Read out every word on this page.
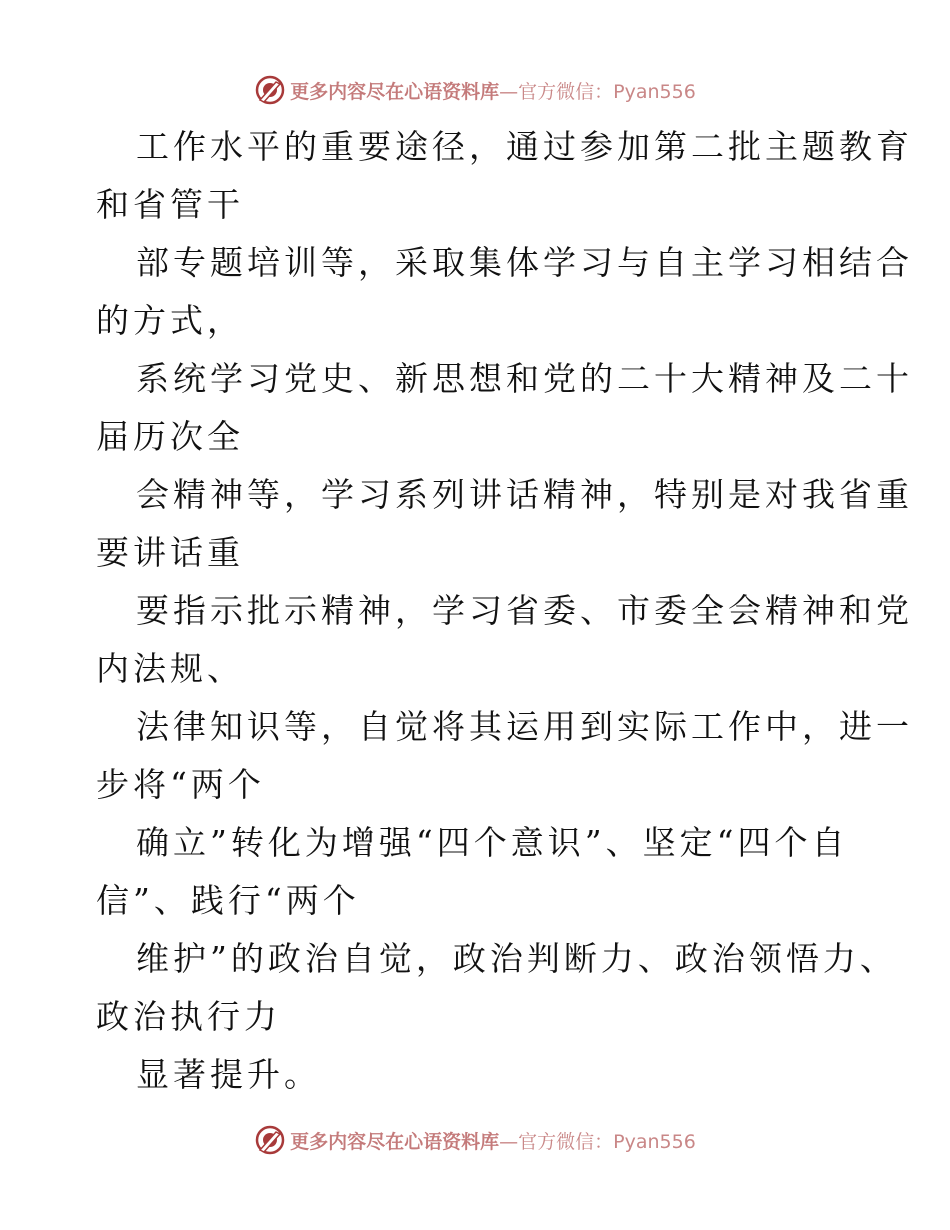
更多内容尽在心语资料库—官方微信：Pyan556
工作水平的重要途径，通过参加第二批主题教育
和省管干
部专题培训等，采取集体学习与自主学习相结合
的方式，
系统学习党史、新思想和党的二十大精神及二十
届历次全
会精神等，学习系列讲话精神，特别是对我省重
要讲话重
要指示批示精神，学习省委、市委全会精神和党
内法规、
法律知识等，自觉将其运用到实际工作中，进一
步将“两个
确立”转化为增强“四个意识”、坚定“四个自
信”、践行“两个
维护”的政治自觉，政治判断力、政治领悟力、
政治执行力
显著提升。
更多内容尽在心语资料库—官方微信：Pyan556
